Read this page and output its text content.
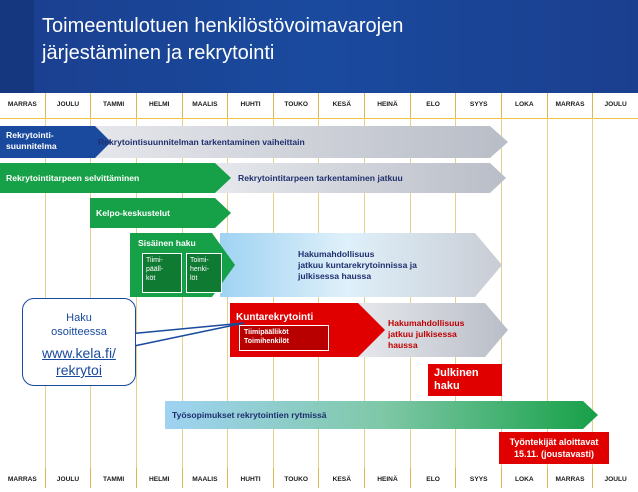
Toimeentulotuen henkilöstövoimavarojen
järjestäminen ja rekrytointi
MARRAS	JOULU	TAMMI	HELMI	MAALIS	HUHTI	TOUKO	KESÄ	HEINÄ	ELO	SYYS	LOKA	MARRAS	JOULU
Rekrytointi-
suunnitelma	Rekrytointisuunnitelman tarkentaminen vaiheittain
Rekrytointitarpeen selvittäminen	Rekrytointitarpeen tarkentaminen jatkuu
Kelpo-keskustelut
Sisäinen haku
Tiimi-
pääll-
köt
Toimi-
henki-
löt
Hakumahdollisuus
jatkuu kuntarekrytoinnissa ja
julkisessa haussa
Kuntarekrytointi
Tiimipäälliköt
Toimihenkilöt
Hakumahdollisuus
jatkuu julkisessa
haussa
Julkinen
haku
Työsopimukset rekrytointien rytmissä
Työntekijät aloittavat
15.11. (joustavasti)
Haku
osoitteessa
www.kela.fi/
rekrytoi
MARRAS	JOULU	TAMMI	HELMI	MAALIS	HUHTI	TOUKO	KESÄ	HEINÄ	ELO	SYYS	LOKA	MARRAS	JOULU
